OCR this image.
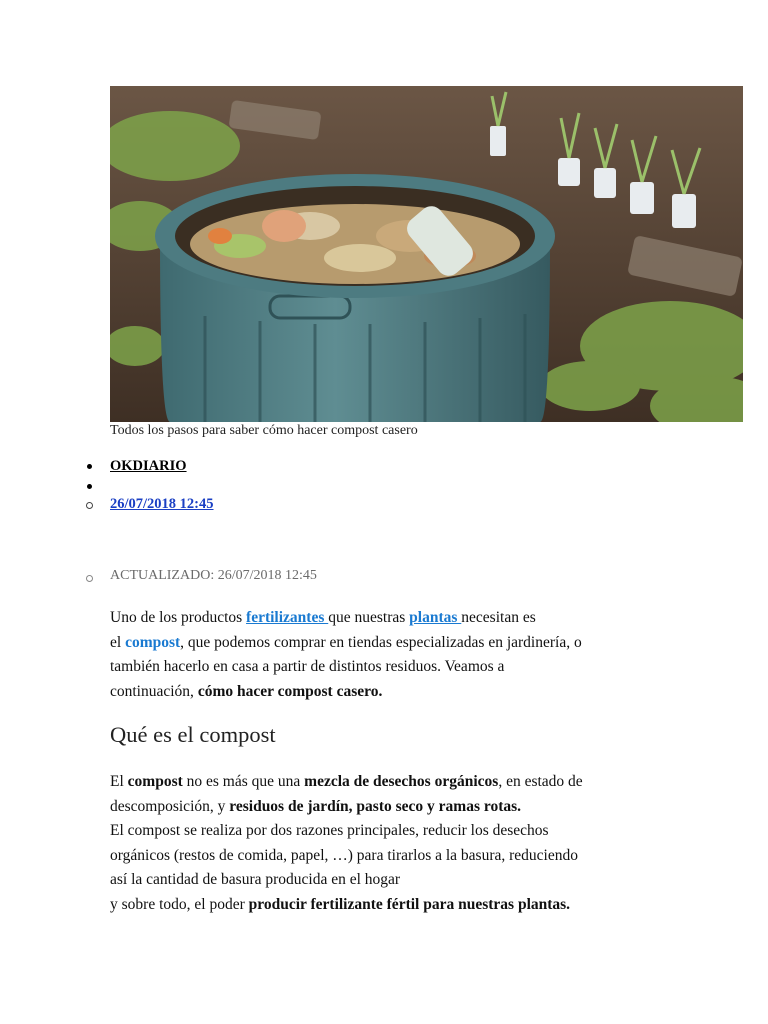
Todos los pasos para saber cómo hacer compost casero
OKDIARIO
26/07/2018 12:45
ACTUALIZADO: 26/07/2018 12:45
Uno de los productos fertilizantes que nuestras plantas necesitan es
el compost, que podemos comprar en tiendas especializadas en jardinería, o
también hacerlo en casa a partir de distintos residuos. Veamos a
continuación, cómo hacer compost casero.
Qué es el compost
El compost no es más que una mezcla de desechos orgánicos, en estado de
descomposición, y residuos de jardín, pasto seco y ramas rotas.
El compost se realiza por dos razones principales, reducir los desechos
orgánicos (restos de comida, papel, …) para tirarlos a la basura, reduciendo
así la cantidad de basura producida en el hogar
y sobre todo, el poder producir fertilizante fértil para nuestras plantas.
